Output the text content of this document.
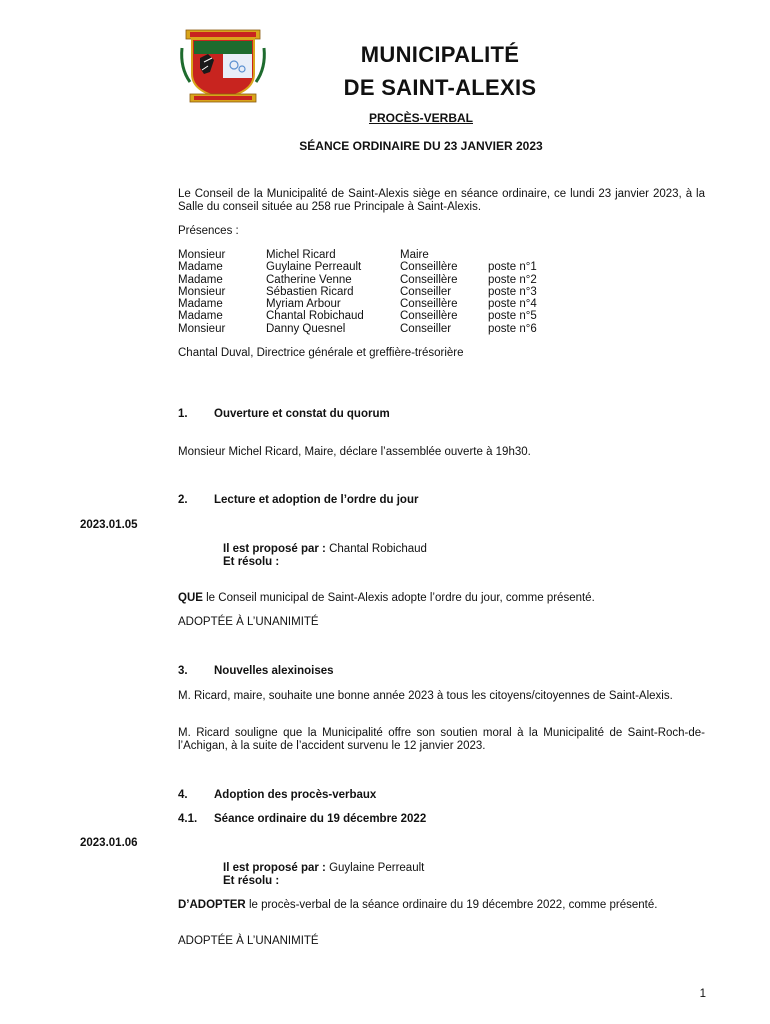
MUNICIPALITÉ
DE SAINT-ALEXIS
PROCÈS-VERBAL
SÉANCE ORDINAIRE DU 23 JANVIER 2023
Le Conseil de la Municipalité de Saint-Alexis siège en séance ordinaire, ce lundi 23 janvier 2023, à la Salle du conseil située au 258 rue Principale à Saint-Alexis.
Présences :
Monsieur	Michel Ricard	Maire	
Madame	Guylaine Perreault	Conseillère	poste n°1
Madame	Catherine Venne	Conseillère	poste n°2
Monsieur	Sébastien Ricard	Conseiller	poste n°3
Madame	Myriam Arbour	Conseillère	poste n°4
Madame	Chantal Robichaud	Conseillère	poste n°5
Monsieur	Danny Quesnel	Conseiller	poste n°6
Chantal Duval, Directrice générale et greffière-trésorière
1. Ouverture et constat du quorum
Monsieur Michel Ricard, Maire, déclare l’assemblée ouverte à 19h30.
2. Lecture et adoption de l’ordre du jour
2023.01.05
Il est proposé par : Chantal Robichaud
Et résolu :
QUE le Conseil municipal de Saint-Alexis adopte l’ordre du jour, comme présenté.
ADOPTÉE À L’UNANIMITÉ
3. Nouvelles alexinoises
M. Ricard, maire, souhaite une bonne année 2023 à tous les citoyens/citoyennes de Saint-Alexis.
M. Ricard souligne que la Municipalité offre son soutien moral à la Municipalité de Saint-Roch-de-l’Achigan, à la suite de l’accident survenu le 12 janvier 2023.
4. Adoption des procès-verbaux
4.1. Séance ordinaire du 19 décembre 2022
2023.01.06
Il est proposé par : Guylaine Perreault
Et résolu :
D’ADOPTER le procès-verbal de la séance ordinaire du 19 décembre 2022, comme présenté.
ADOPTÉE À L’UNANIMITÉ
1
